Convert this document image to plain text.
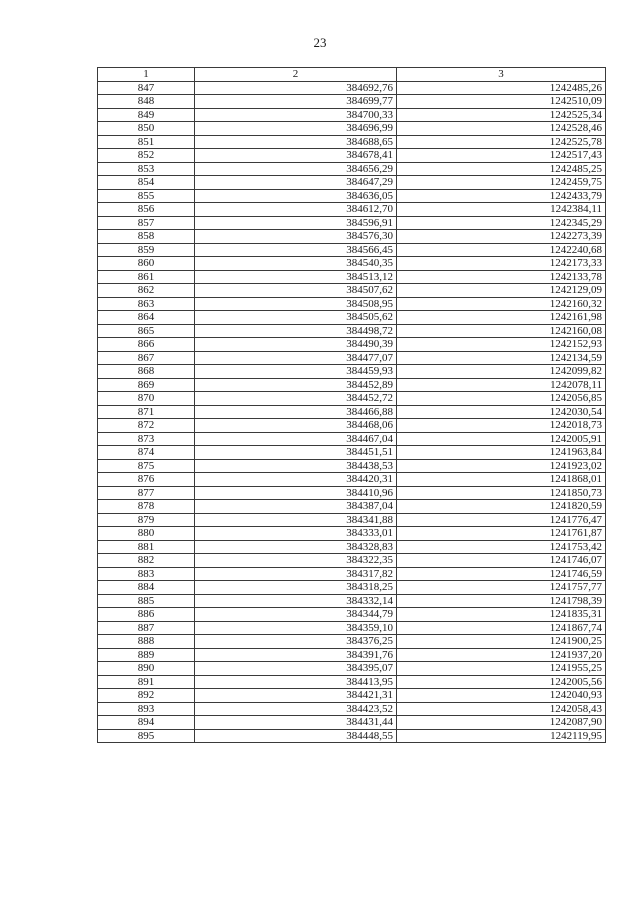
23
1	2	3
847	384692,76	1242485,26
848	384699,77	1242510,09
849	384700,33	1242525,34
850	384696,99	1242528,46
851	384688,65	1242525,78
852	384678,41	1242517,43
853	384656,29	1242485,25
854	384647,29	1242459,75
855	384636,05	1242433,79
856	384612,70	1242384,11
857	384596,91	1242345,29
858	384576,30	1242273,39
859	384566,45	1242240,68
860	384540,35	1242173,33
861	384513,12	1242133,78
862	384507,62	1242129,09
863	384508,95	1242160,32
864	384505,62	1242161,98
865	384498,72	1242160,08
866	384490,39	1242152,93
867	384477,07	1242134,59
868	384459,93	1242099,82
869	384452,89	1242078,11
870	384452,72	1242056,85
871	384466,88	1242030,54
872	384468,06	1242018,73
873	384467,04	1242005,91
874	384451,51	1241963,84
875	384438,53	1241923,02
876	384420,31	1241868,01
877	384410,96	1241850,73
878	384387,04	1241820,59
879	384341,88	1241776,47
880	384333,01	1241761,87
881	384328,83	1241753,42
882	384322,35	1241746,07
883	384317,82	1241746,59
884	384318,25	1241757,77
885	384332,14	1241798,39
886	384344,79	1241835,31
887	384359,10	1241867,74
888	384376,25	1241900,25
889	384391,76	1241937,20
890	384395,07	1241955,25
891	384413,95	1242005,56
892	384421,31	1242040,93
893	384423,52	1242058,43
894	384431,44	1242087,90
895	384448,55	1242119,95
